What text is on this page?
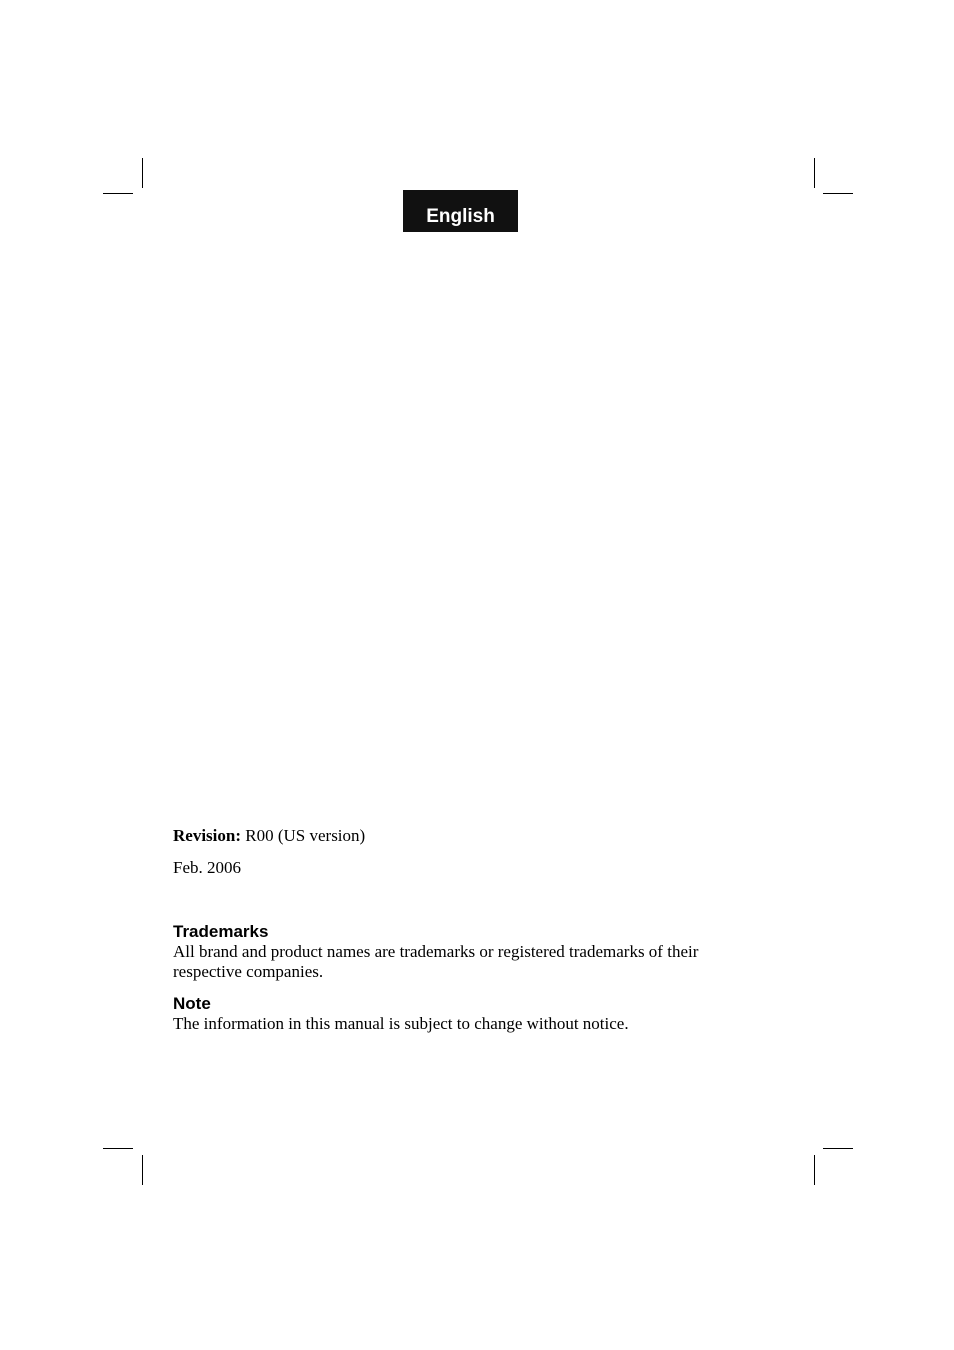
English
Revision: R00 (US version)
Feb. 2006
Trademarks
All brand and product names are trademarks or registered trademarks of their
respective companies.
Note
The information in this manual is subject to change without notice.
